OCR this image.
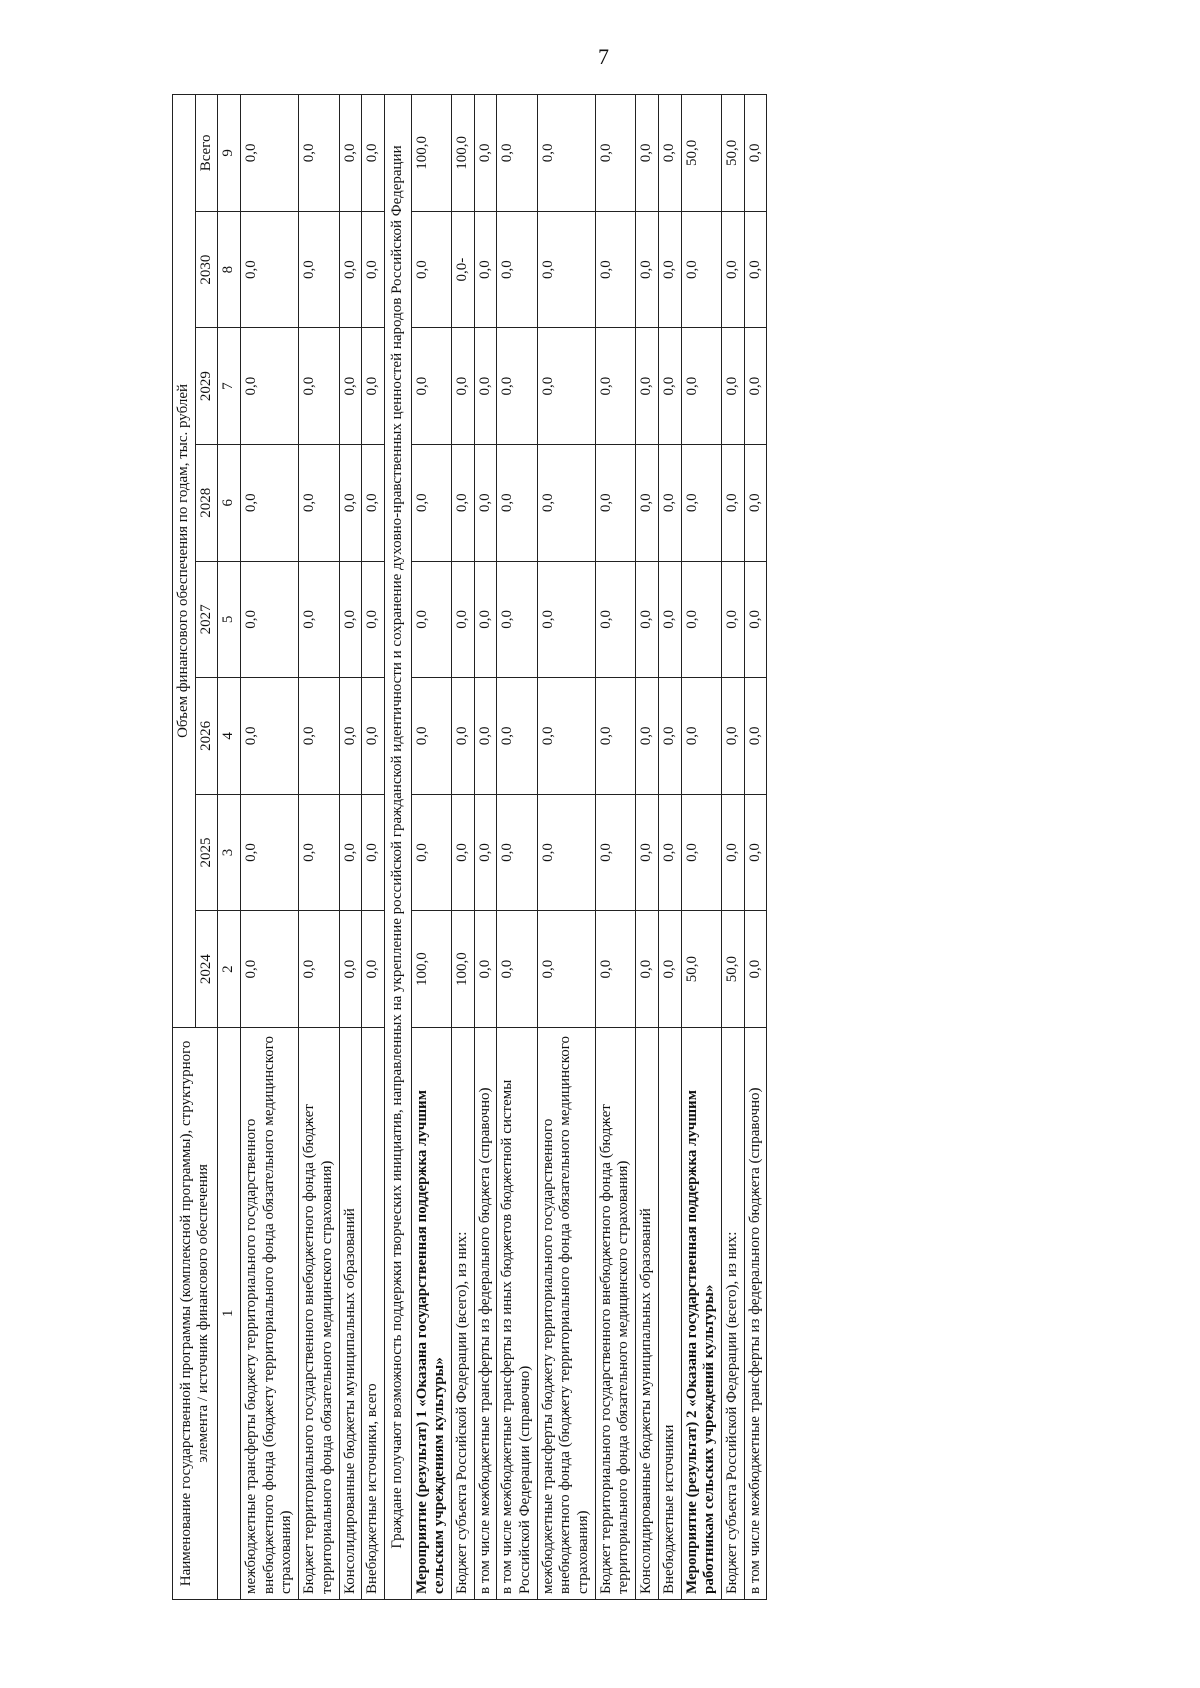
7
Наименование государственной программы (комплексной программы), структурного элемента / источник финансового обеспечения	Объем финансового обеспечения по годам, тыс. рублей							
	2024	2025	2026	2027	2028	2029	2030	Всего
1	2	3	4	5	6	7	8	9
межбюджетные трансферты бюджету территориального государственного внебюджетного фонда (бюджету территориального фонда обязательного медицинского страхования)	0,0	0,0	0,0	0,0	0,0	0,0	0,0	0,0
Бюджет территориального государственного внебюджетного фонда (бюджет территориального фонда обязательного медицинского страхования)	0,0	0,0	0,0	0,0	0,0	0,0	0,0	0,0
Консолидированные бюджеты муниципальных образований	0,0	0,0	0,0	0,0	0,0	0,0	0,0	0,0
Внебюджетные источники, всего	0,0	0,0	0,0	0,0	0,0	0,0	0,0	0,0
Граждане получают возможность поддержки творческих инициатив, направленных на укрепление российской гражданской идентичности и сохранение духовно-нравственных ценностей народов Российской Федерации								
Мероприятие (результат) 1 «Оказана государственная поддержка лучшим сельским учреждениям культуры»	100,0	0,0	0,0	0,0	0,0	0,0	0,0	100,0
Бюджет субъекта Российской Федерации (всего), из них:	100,0	0,0	0,0	0,0	0,0	0,0	0,0-	100,0
в том числе межбюджетные трансферты из федерального бюджета (справочно)	0,0	0,0	0,0	0,0	0,0	0,0	0,0	0,0
в том числе межбюджетные трансферты из иных бюджетов бюджетной системы Российской Федерации (справочно)	0,0	0,0	0,0	0,0	0,0	0,0	0,0	0,0
межбюджетные трансферты бюджету территориального государственного внебюджетного фонда (бюджету территориального фонда обязательного медицинского страхования)	0,0	0,0	0,0	0,0	0,0	0,0	0,0	0,0
Бюджет территориального государственного внебюджетного фонда (бюджет территориального фонда обязательного медицинского страхования)	0,0	0,0	0,0	0,0	0,0	0,0	0,0	0,0
Консолидированные бюджеты муниципальных образований	0,0	0,0	0,0	0,0	0,0	0,0	0,0	0,0
Внебюджетные источники	0,0	0,0	0,0	0,0	0,0	0,0	0,0	0,0
Мероприятие (результат) 2 «Оказана государственная поддержка лучшим работникам сельских учреждений культуры»	50,0	0,0	0,0	0,0	0,0	0,0	0,0	50,0
Бюджет субъекта Российской Федерации (всего), из них:	50,0	0,0	0,0	0,0	0,0	0,0	0,0	50,0
в том числе межбюджетные трансферты из федерального бюджета (справочно)	0,0	0,0	0,0	0,0	0,0	0,0	0,0	0,0
